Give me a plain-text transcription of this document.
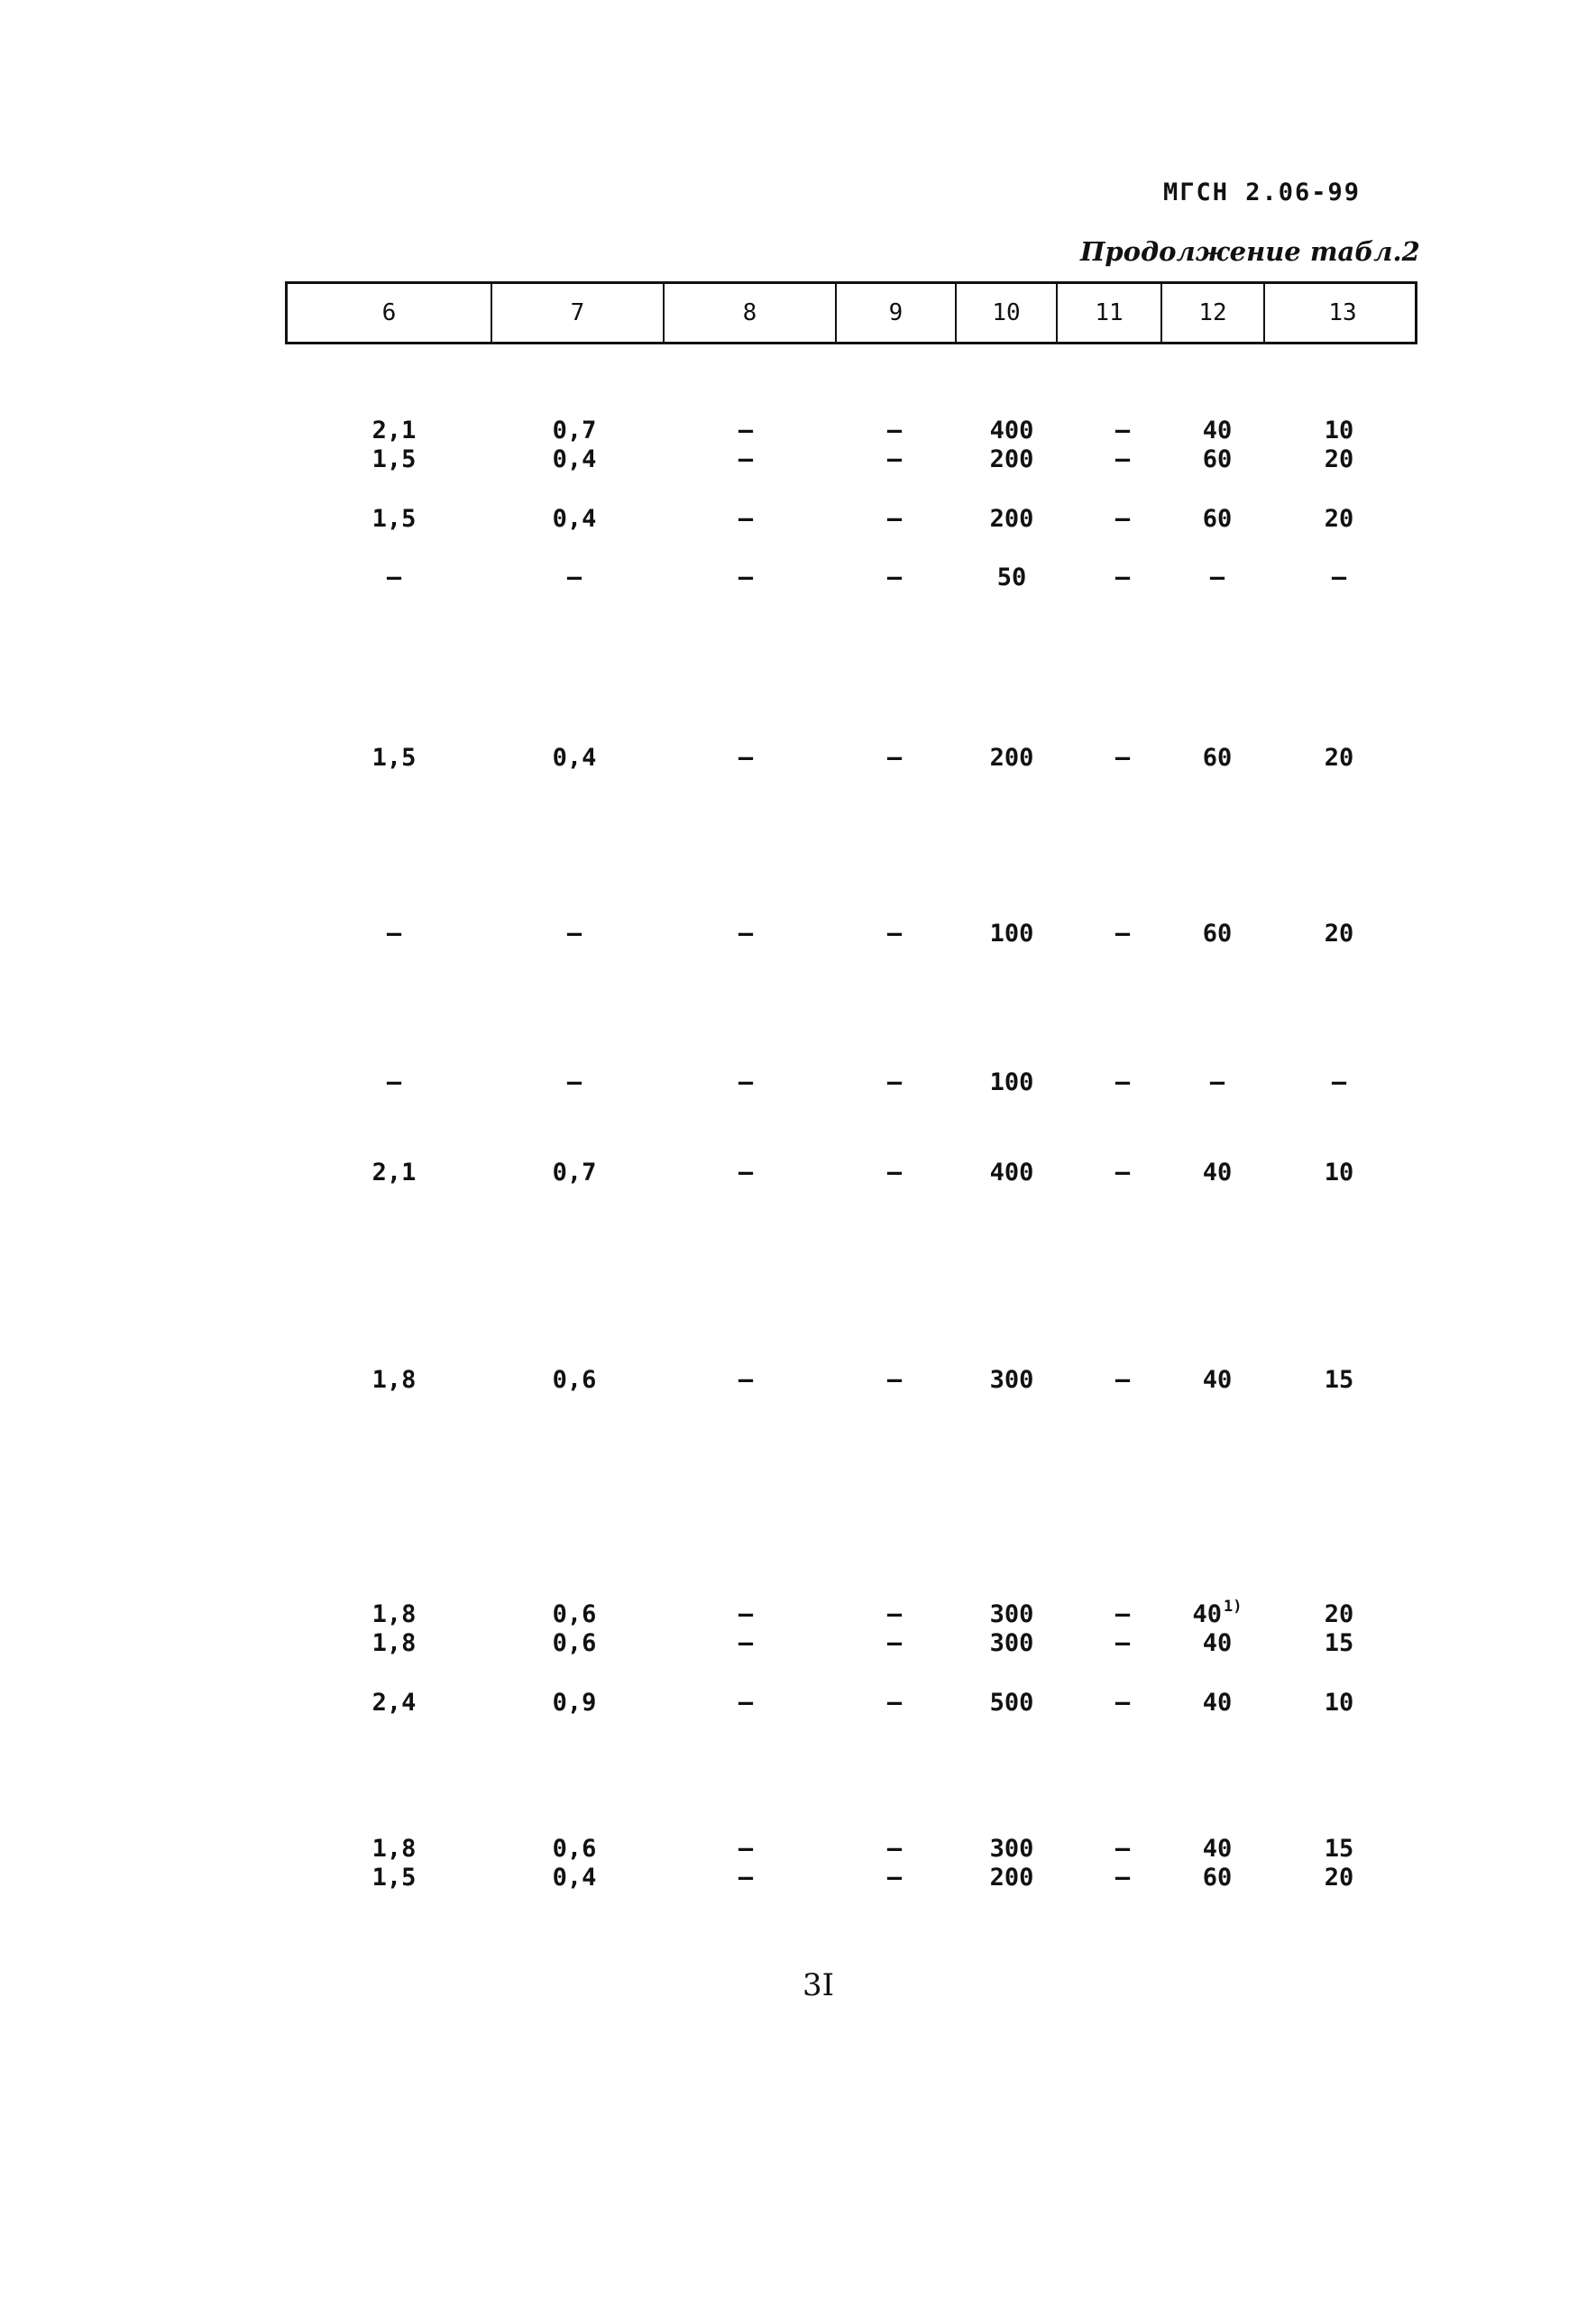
МГСН 2.06-99
Продолжение табл.2
6	7	8	9	10	11	12	13
2,1	0,7	–	–	400	–	40	10
1,5	0,4	–	–	200	–	60	20
1,5	0,4	–	–	200	–	60	20
–	–	–	–	50	–	–	–
1,5	0,4	–	–	200	–	60	20
–	–	–	–	100	–	60	20
–	–	–	–	100	–	–	–
2,1	0,7	–	–	400	–	40	10
1,8	0,6	–	–	300	–	40	15
1,8	0,6	–	–	300	–	40 $^{1)}$	20
1,8	0,6	–	–	300	–	40	15
2,4	0,9	–	–	500	–	40	10
1,8	0,6	–	–	300	–	40	15
1,5	0,4	–	–	200	–	60	20
3I
